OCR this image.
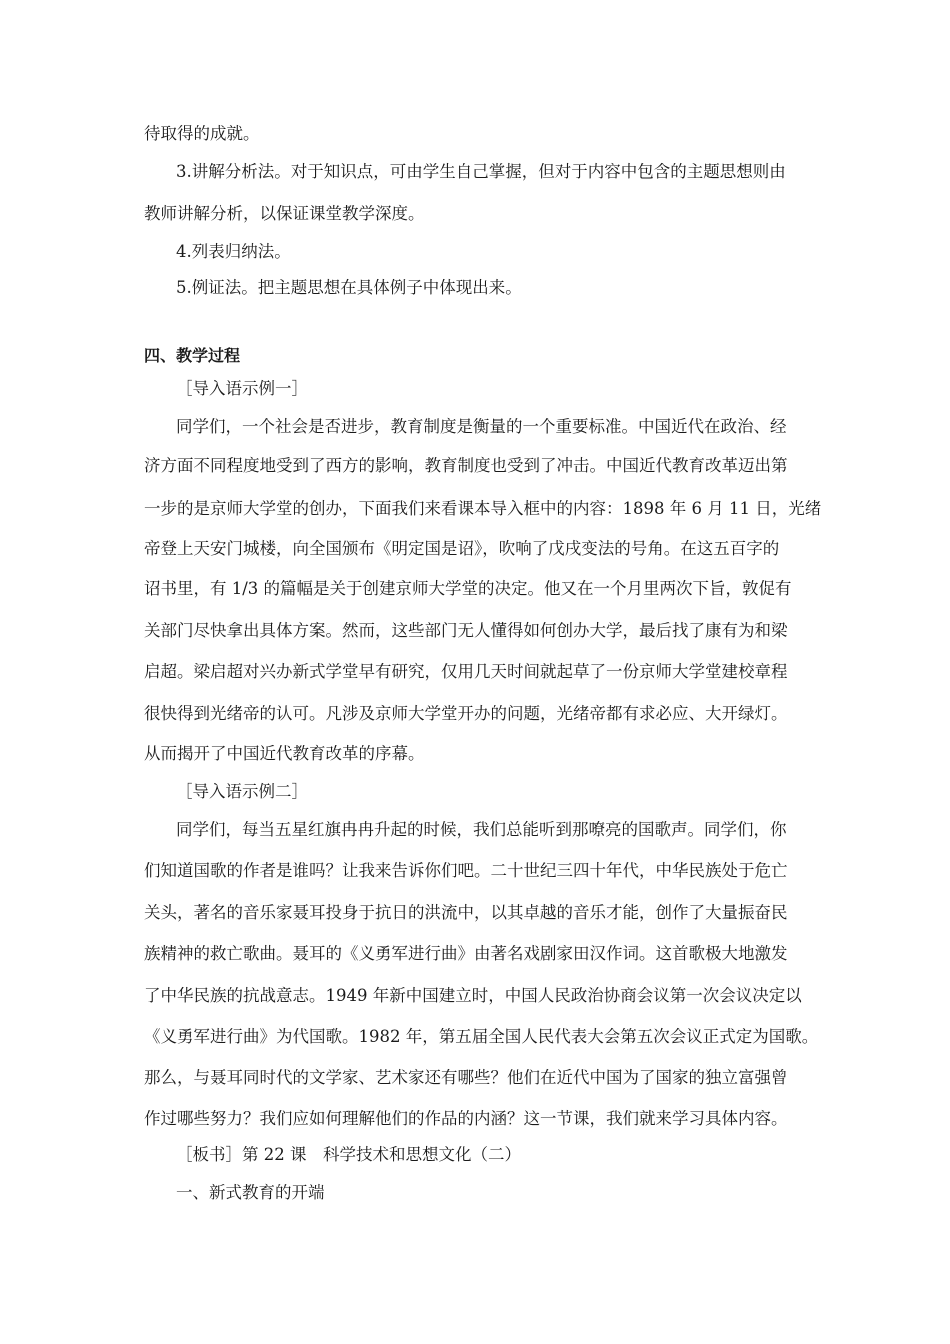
待取得的成就。
3.讲解分析法。对于知识点，可由学生自己掌握，但对于内容中包含的主题思想则由
教师讲解分析，以保证课堂教学深度。
4.列表归纳法。
5.例证法。把主题思想在具体例子中体现出来。
四、教学过程
［导入语示例一］
同学们，一个社会是否进步，教育制度是衡量的一个重要标准。中国近代在政治、经
济方面不同程度地受到了西方的影响，教育制度也受到了冲击。中国近代教育改革迈出第
一步的是京师大学堂的创办，下面我们来看课本导入框中的内容：1898 年 6 月 11 日，光绪
帝登上天安门城楼，向全国颁布《明定国是诏》，吹响了戊戌变法的号角。在这五百字的
诏书里，有 1/3 的篇幅是关于创建京师大学堂的决定。他又在一个月里两次下旨，敦促有
关部门尽快拿出具体方案。然而，这些部门无人懂得如何创办大学，最后找了康有为和梁
启超。梁启超对兴办新式学堂早有研究，仅用几天时间就起草了一份京师大学堂建校章程
很快得到光绪帝的认可。凡涉及京师大学堂开办的问题，光绪帝都有求必应、大开绿灯。
从而揭开了中国近代教育改革的序幕。
［导入语示例二］
同学们，每当五星红旗冉冉升起的时候，我们总能听到那嘹亮的国歌声。同学们，你
们知道国歌的作者是谁吗？让我来告诉你们吧。二十世纪三四十年代，中华民族处于危亡
关头，著名的音乐家聂耳投身于抗日的洪流中，以其卓越的音乐才能，创作了大量振奋民
族精神的救亡歌曲。聂耳的《义勇军进行曲》由著名戏剧家田汉作词。这首歌极大地激发
了中华民族的抗战意志。1949 年新中国建立时，中国人民政治协商会议第一次会议决定以
《义勇军进行曲》为代国歌。1982 年，第五届全国人民代表大会第五次会议正式定为国歌。
那么，与聂耳同时代的文学家、艺术家还有哪些？他们在近代中国为了国家的独立富强曾
作过哪些努力？我们应如何理解他们的作品的内涵？这一节课，我们就来学习具体内容。
［板书］第 22 课　科学技术和思想文化（二）
一、新式教育的开端
